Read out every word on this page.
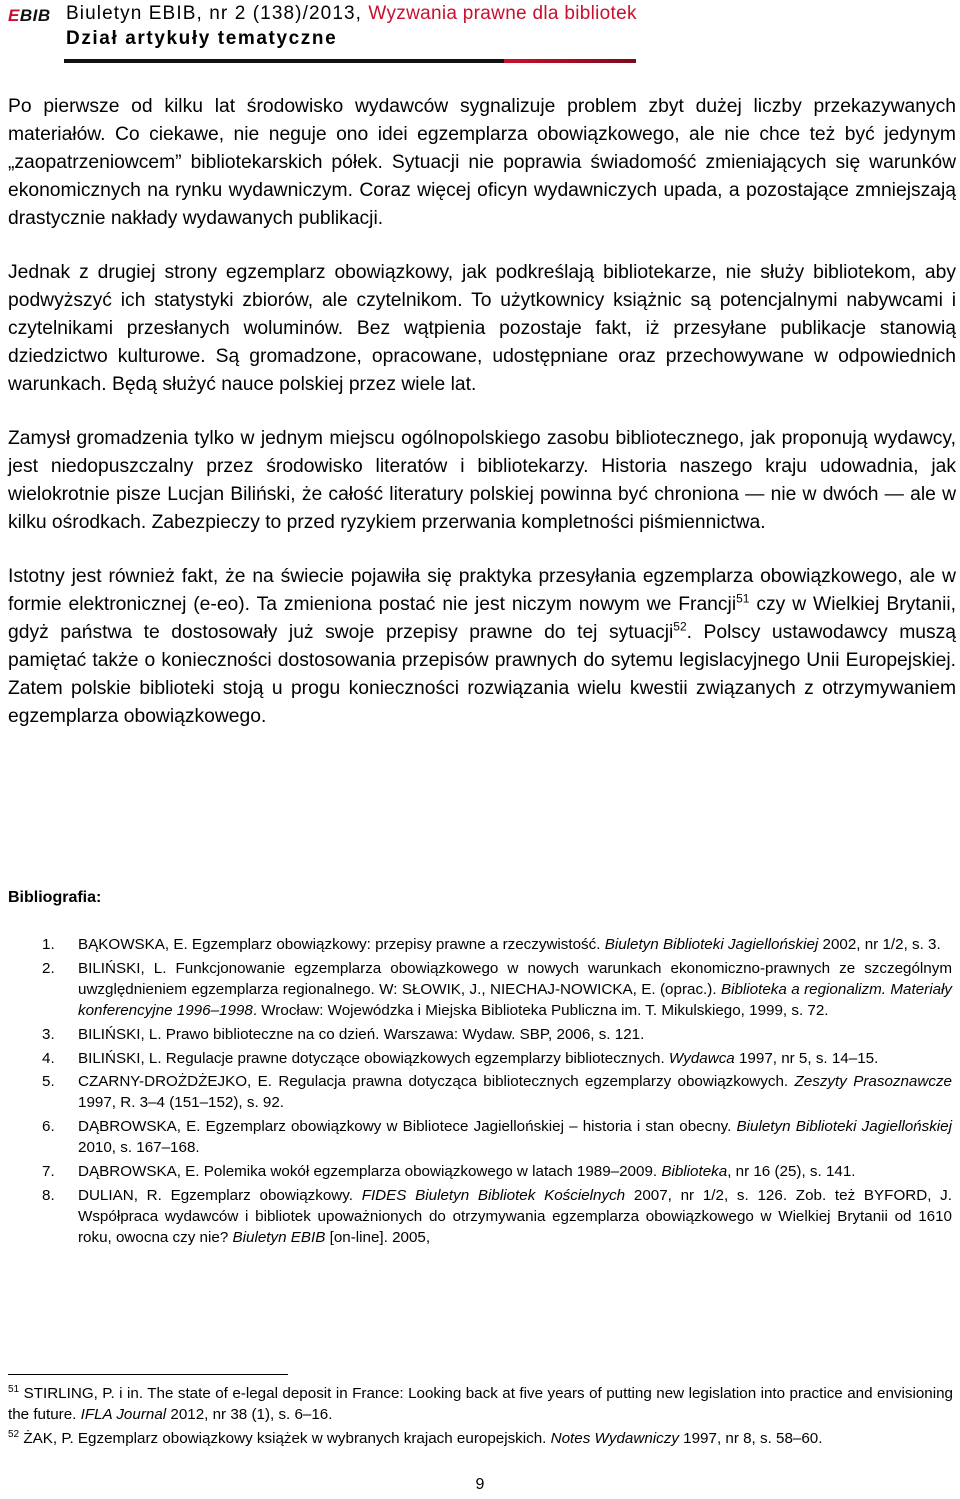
EBIB Biuletyn EBIB, nr 2 (138)/2013, Wyzwania prawne dla bibliotek
Dział artykuły tematyczne

Po pierwsze od kilku lat środowisko wydawców sygnalizuje problem zbyt dużej liczby przekazywanych materiałów. Co ciekawe, nie neguje ono idei egzemplarza obowiązkowego, ale nie chce też być jedynym „zaopatrzeniowcem” bibliotekarskich półek. Sytuacji nie poprawia świadomość zmieniających się warunków ekonomicznych na rynku wydawniczym. Coraz więcej oficyn wydawniczych upada, a pozostające zmniejszają drastycznie nakłady wydawanych publikacji.

Jednak z drugiej strony egzemplarz obowiązkowy, jak podkreślają bibliotekarze, nie służy bibliotekom, aby podwyższyć ich statystyki zbiorów, ale czytelnikom. To użytkownicy książnic są potencjalnymi nabywcami i czytelnikami przesłanych woluminów. Bez wątpienia pozostaje fakt, iż przesyłane publikacje stanowią dziedzictwo kulturowe. Są gromadzone, opracowane, udostępniane oraz przechowywane w odpowiednich warunkach. Będą służyć nauce polskiej przez wiele lat.

Zamysł gromadzenia tylko w jednym miejscu ogólnopolskiego zasobu bibliotecznego, jak proponują wydawcy, jest niedopuszczalny przez środowisko literatów i bibliotekarzy. Historia naszego kraju udowadnia, jak wielokrotnie pisze Lucjan Biliński, że całość literatury polskiej powinna być chroniona — nie w dwóch — ale w kilku ośrodkach. Zabezpieczy to przed ryzykiem przerwania kompletności piśmiennictwa.

Istotny jest również fakt, że na świecie pojawiła się praktyka przesyłania egzemplarza obowiązkowego, ale w formie elektronicznej (e-eo). Ta zmieniona postać nie jest niczym nowym we Francji$^{51}$ czy w Wielkiej Brytanii, gdyż państwa te dostosowały już swoje przepisy prawne do tej sytuacji$^{52}$. Polscy ustawodawcy muszą pamiętać także o konieczności dostosowania przepisów prawnych do sytemu legislacyjnego Unii Europejskiej. Zatem polskie biblioteki stoją u progu konieczności rozwiązania wielu kwestii związanych z otrzymywaniem egzemplarza obowiązkowego.

Bibliografia:
1. BĄKOWSKA, E. Egzemplarz obowiązkowy: przepisy prawne a rzeczywistość. Biuletyn Biblioteki Jagiellońskiej 2002, nr 1/2, s. 3.
2. BILIŃSKI, L. Funkcjonowanie egzemplarza obowiązkowego w nowych warunkach ekonomiczno-prawnych ze szczególnym uwzględnieniem egzemplarza regionalnego. W: SŁOWIK, J., NIECHAJ-NOWICKA, E. (oprac.). Biblioteka a regionalizm. Materiały konferencyjne 1996–1998. Wrocław: Wojewódzka i Miejska Biblioteka Publiczna im. T. Mikulskiego, 1999, s. 72.
3. BILIŃSKI, L. Prawo biblioteczne na co dzień. Warszawa: Wydaw. SBP, 2006, s. 121.
4. BILIŃSKI, L. Regulacje prawne dotyczące obowiązkowych egzemplarzy bibliotecznych. Wydawca 1997, nr 5, s. 14–15.
5. CZARNY-DROŻDŻEJKO, E. Regulacja prawna dotycząca bibliotecznych egzemplarzy obowiązkowych. Zeszyty Prasoznawcze 1997, R. 3–4 (151–152), s. 92.
6. DĄBROWSKA, E. Egzemplarz obowiązkowy w Bibliotece Jagiellońskiej – historia i stan obecny. Biuletyn Biblioteki Jagiellońskiej 2010, s. 167–168.
7. DĄBROWSKA, E. Polemika wokół egzemplarza obowiązkowego w latach 1989–2009. Biblioteka, nr 16 (25), s. 141.
8. DULIAN, R. Egzemplarz obowiązkowy. FIDES Biuletyn Bibliotek Kościelnych 2007, nr 1/2, s. 126. Zob. też BYFORD, J. Współpraca wydawców i bibliotek upoważnionych do otrzymywania egzemplarza obowiązkowego w Wielkiej Brytanii od 1610 roku, owocna czy nie? Biuletyn EBIB [on-line]. 2005,
$^{51}$ STIRLING, P. i in. The state of e-legal deposit in France: Looking back at five years of putting new legislation into practice and envisioning the future. IFLA Journal 2012, nr 38 (1), s. 6–16.
$^{52}$ ŻAK, P. Egzemplarz obowiązkowy książek w wybranych krajach europejskich. Notes Wydawniczy 1997, nr 8, s. 58–60.
9
